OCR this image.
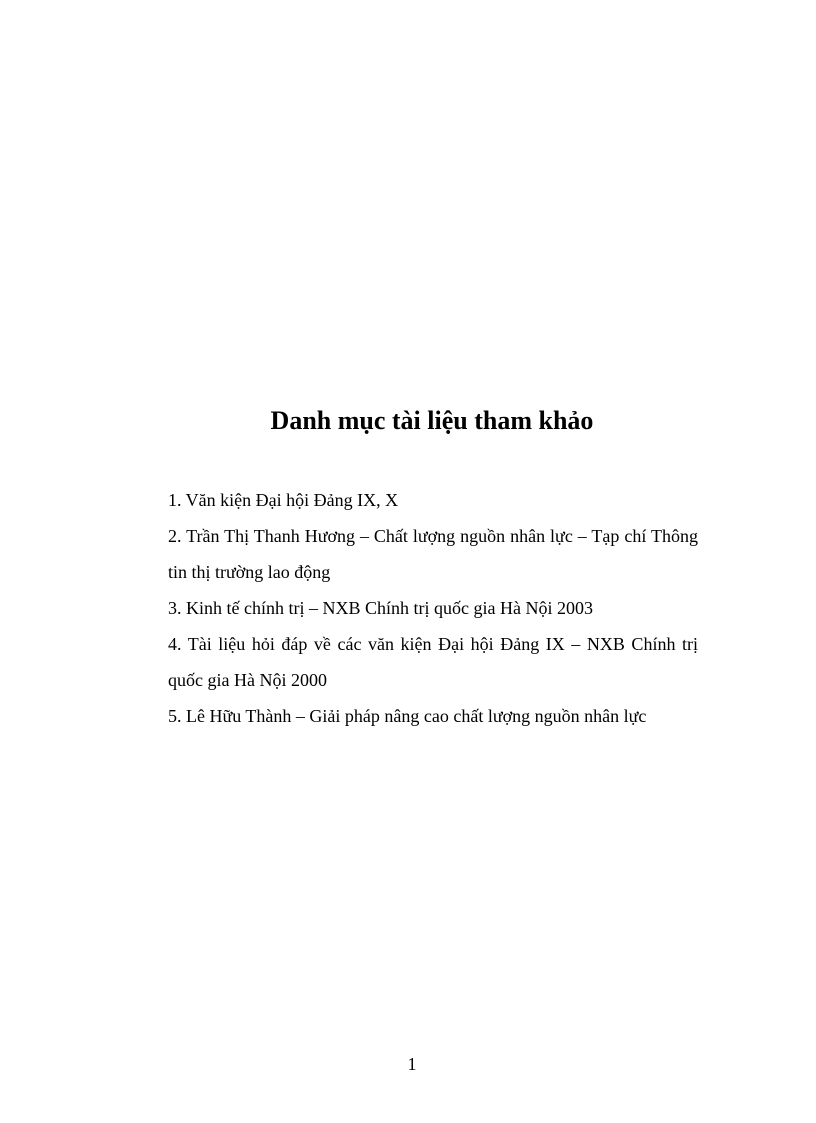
Danh mục tài liệu tham khảo
1. Văn kiện Đại hội Đảng IX, X
2. Trần Thị Thanh Hương – Chất lượng nguồn nhân lực – Tạp chí Thông tin thị trường lao động
3. Kinh tế chính trị – NXB Chính trị quốc gia Hà Nội 2003
4. Tài liệu hỏi đáp về các văn kiện Đại hội Đảng IX – NXB Chính trị quốc gia Hà Nội 2000
5. Lê Hữu Thành – Giải pháp nâng cao chất lượng nguồn nhân lực
1
